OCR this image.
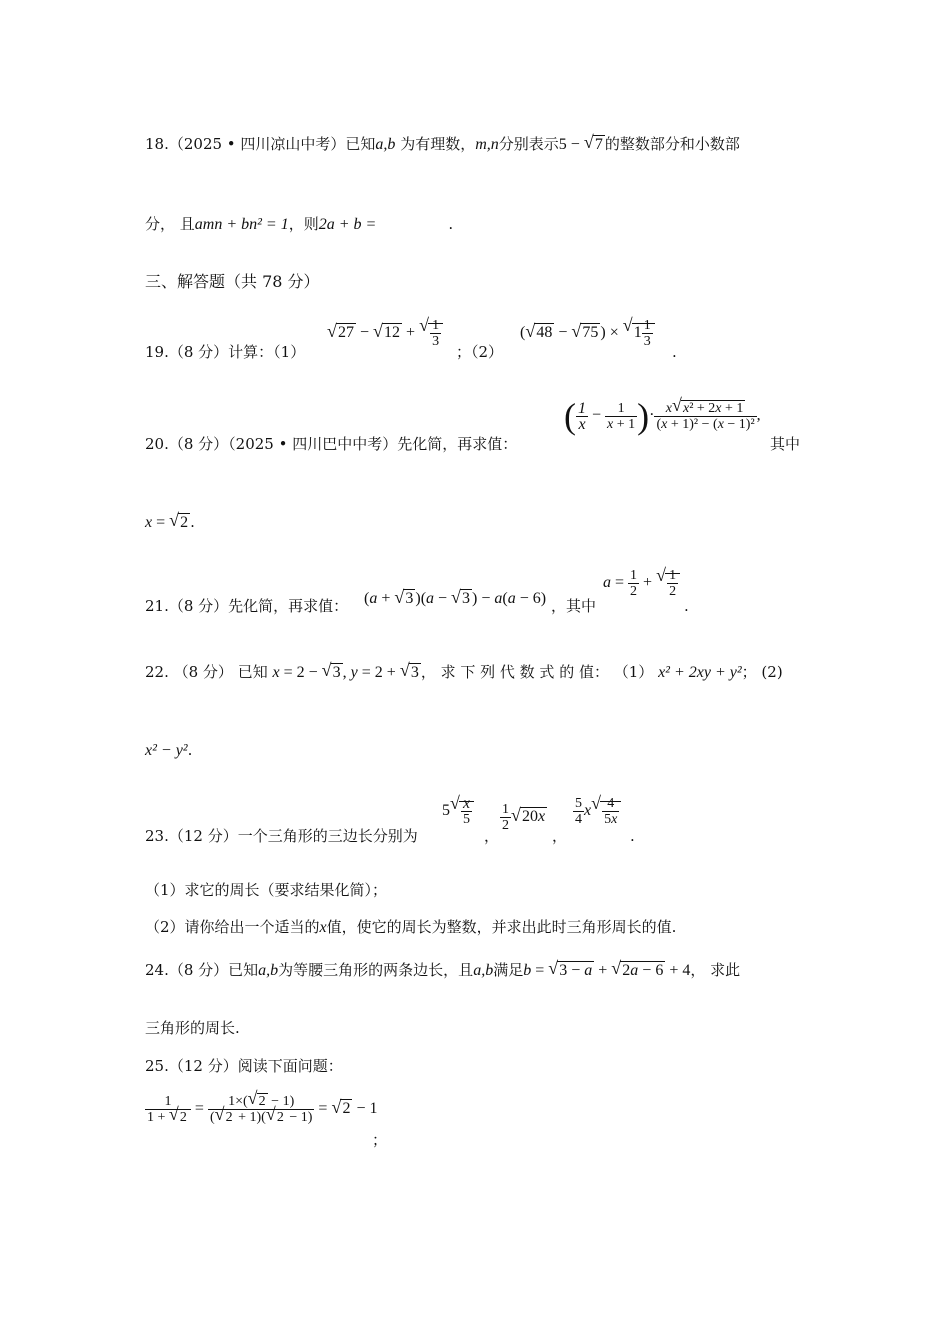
18.（2025 • 四川凉山中考）已知a,b 为有理数，m,n分别表示5 − √ 7 的整数部分和小数部
分， 且amn + bn² = 1，则2a + b =	.
三、解答题（共 78 分）
19.（8 分）计算：（1）
√ 27 − √ 12 + √ $\frac{1}{3}$
；（2）
( √ 48 − √ 75 ) × √ $1 \frac{1}{3}$
.
20.（8 分）（2025 • 四川巴中中考）先化简，再求值：
( $\frac{1}{x} - \frac{1}{x + 1}$ )· $\frac{\text{x √ x² + 2x + 1}}{\text{(x + 1)² − (x − 1)²}}$ ,
其中
x = √ 2 .
21.（8 分）先化简，再求值： (a + √ 3 )(a − √ 3 ) − a(a − 6) ，其中
$a = \frac{1}{2}$ + √ $\frac{1}{2}$
.
22. （8 分） 已知 x = 2 − √ 3 , y = 2 + √ 3 ， 求 下 列 代 数 式 的 值： （1） x² + 2xy + y²； (2)
x² − y².
23.（12 分）一个三角形的三边长分别为
5 √ $\frac{x}{5}$
，
$\frac{1}{2}$ √ 20x
，
$\frac{5}{4}$ x √ $\frac{4}{5x}$
.
（1）求它的周长（要求结果化简）；
（2）请你给出一个适当的x值，使它的周长为整数，并求出此时三角形周长的值.
24.（8 分）已知a,b为等腰三角形的两条边长，且a,b满足b = √ 3 − a + √ 2a − 6 + 4， 求此
三角形的周长.
25.（12 分）阅读下面问题：
$\frac{1}{1 + √ 2} = \frac{1\times( √ 2 - 1)}{( √ 2 + 1)( √ 2 - 1)}$ = √ 2 − 1
；
